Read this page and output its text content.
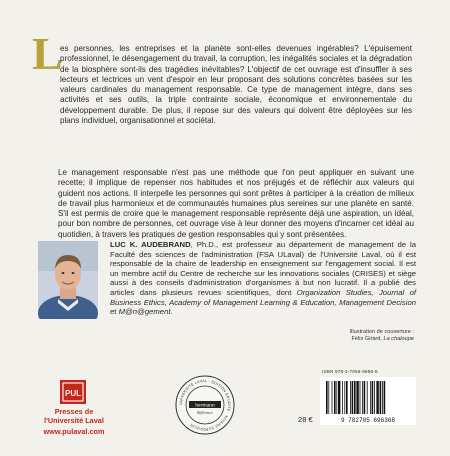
L
es personnes, les entreprises et la planète sont-elles devenues ingérables? L'épuisement professionnel, le désengagement du travail, la corruption, les inégalités sociales et la dégradation de la biosphère sont-ils des tragédies inévitables? L'objectif de cet ouvrage est d'insuffler à ses lecteurs et lectrices un vent d'espoir en leur proposant des solutions concrètes basées sur les valeurs cardinales du management responsable. Ce type de management intègre, dans ses activités et ses outils, la triple contrainte sociale, économique et environnementale du développement durable. De plus, il repose sur des valeurs qui doivent être déployées sur les plans individuel, organisationnel et sociétal.
Le management responsable n'est pas une méthode que l'on peut appliquer en suivant une recette; il implique de repenser nos habitudes et nos préjugés et de réfléchir aux valeurs qui guident nos actions. Il interpelle les personnes qui sont prêtes à participer à la création de milieux de travail plus harmonieux et de communautés humaines plus sereines sur une planète en santé. S'il est permis de croire que le management responsable représente déjà une aspiration, un idéal, pour bon nombre de personnes, cet ouvrage vise à leur donner des moyens d'incarner cet idéal au quotidien, à travers les pratiques de gestion responsables qui y sont présentées.
LUC K. AUDEBRAND, Ph.D., est professeur au département de management de la Faculté des sciences de l'administration (FSA ULaval) de l'Université Laval, où il est responsable de la chaire de leadership en enseignement sur l'engagement social. Il est un membre actif du Centre de recherche sur les innovations sociales (CRISES) et siège aussi à des conseils d'administration d'organismes à but non lucratif. Il a publié des articles dans plusieurs revues scientifiques, dont Organization Studies, Journal of Business Ethics, Academy of Management Learning & Education, Management Decision et M@n@gement.
Illustration de couverture :
Félix Girard, La chaloupe
PUL
Presses de
l'Université Laval
www.pulaval.com
UNIVERSITÉ LAVAL · ÉDITION ÉRUDITE · NIVEAU SUPÉRIEUR
hermann
Référence
ISBN 978-2-7058-9696-8
28 €	9 782705 696368
